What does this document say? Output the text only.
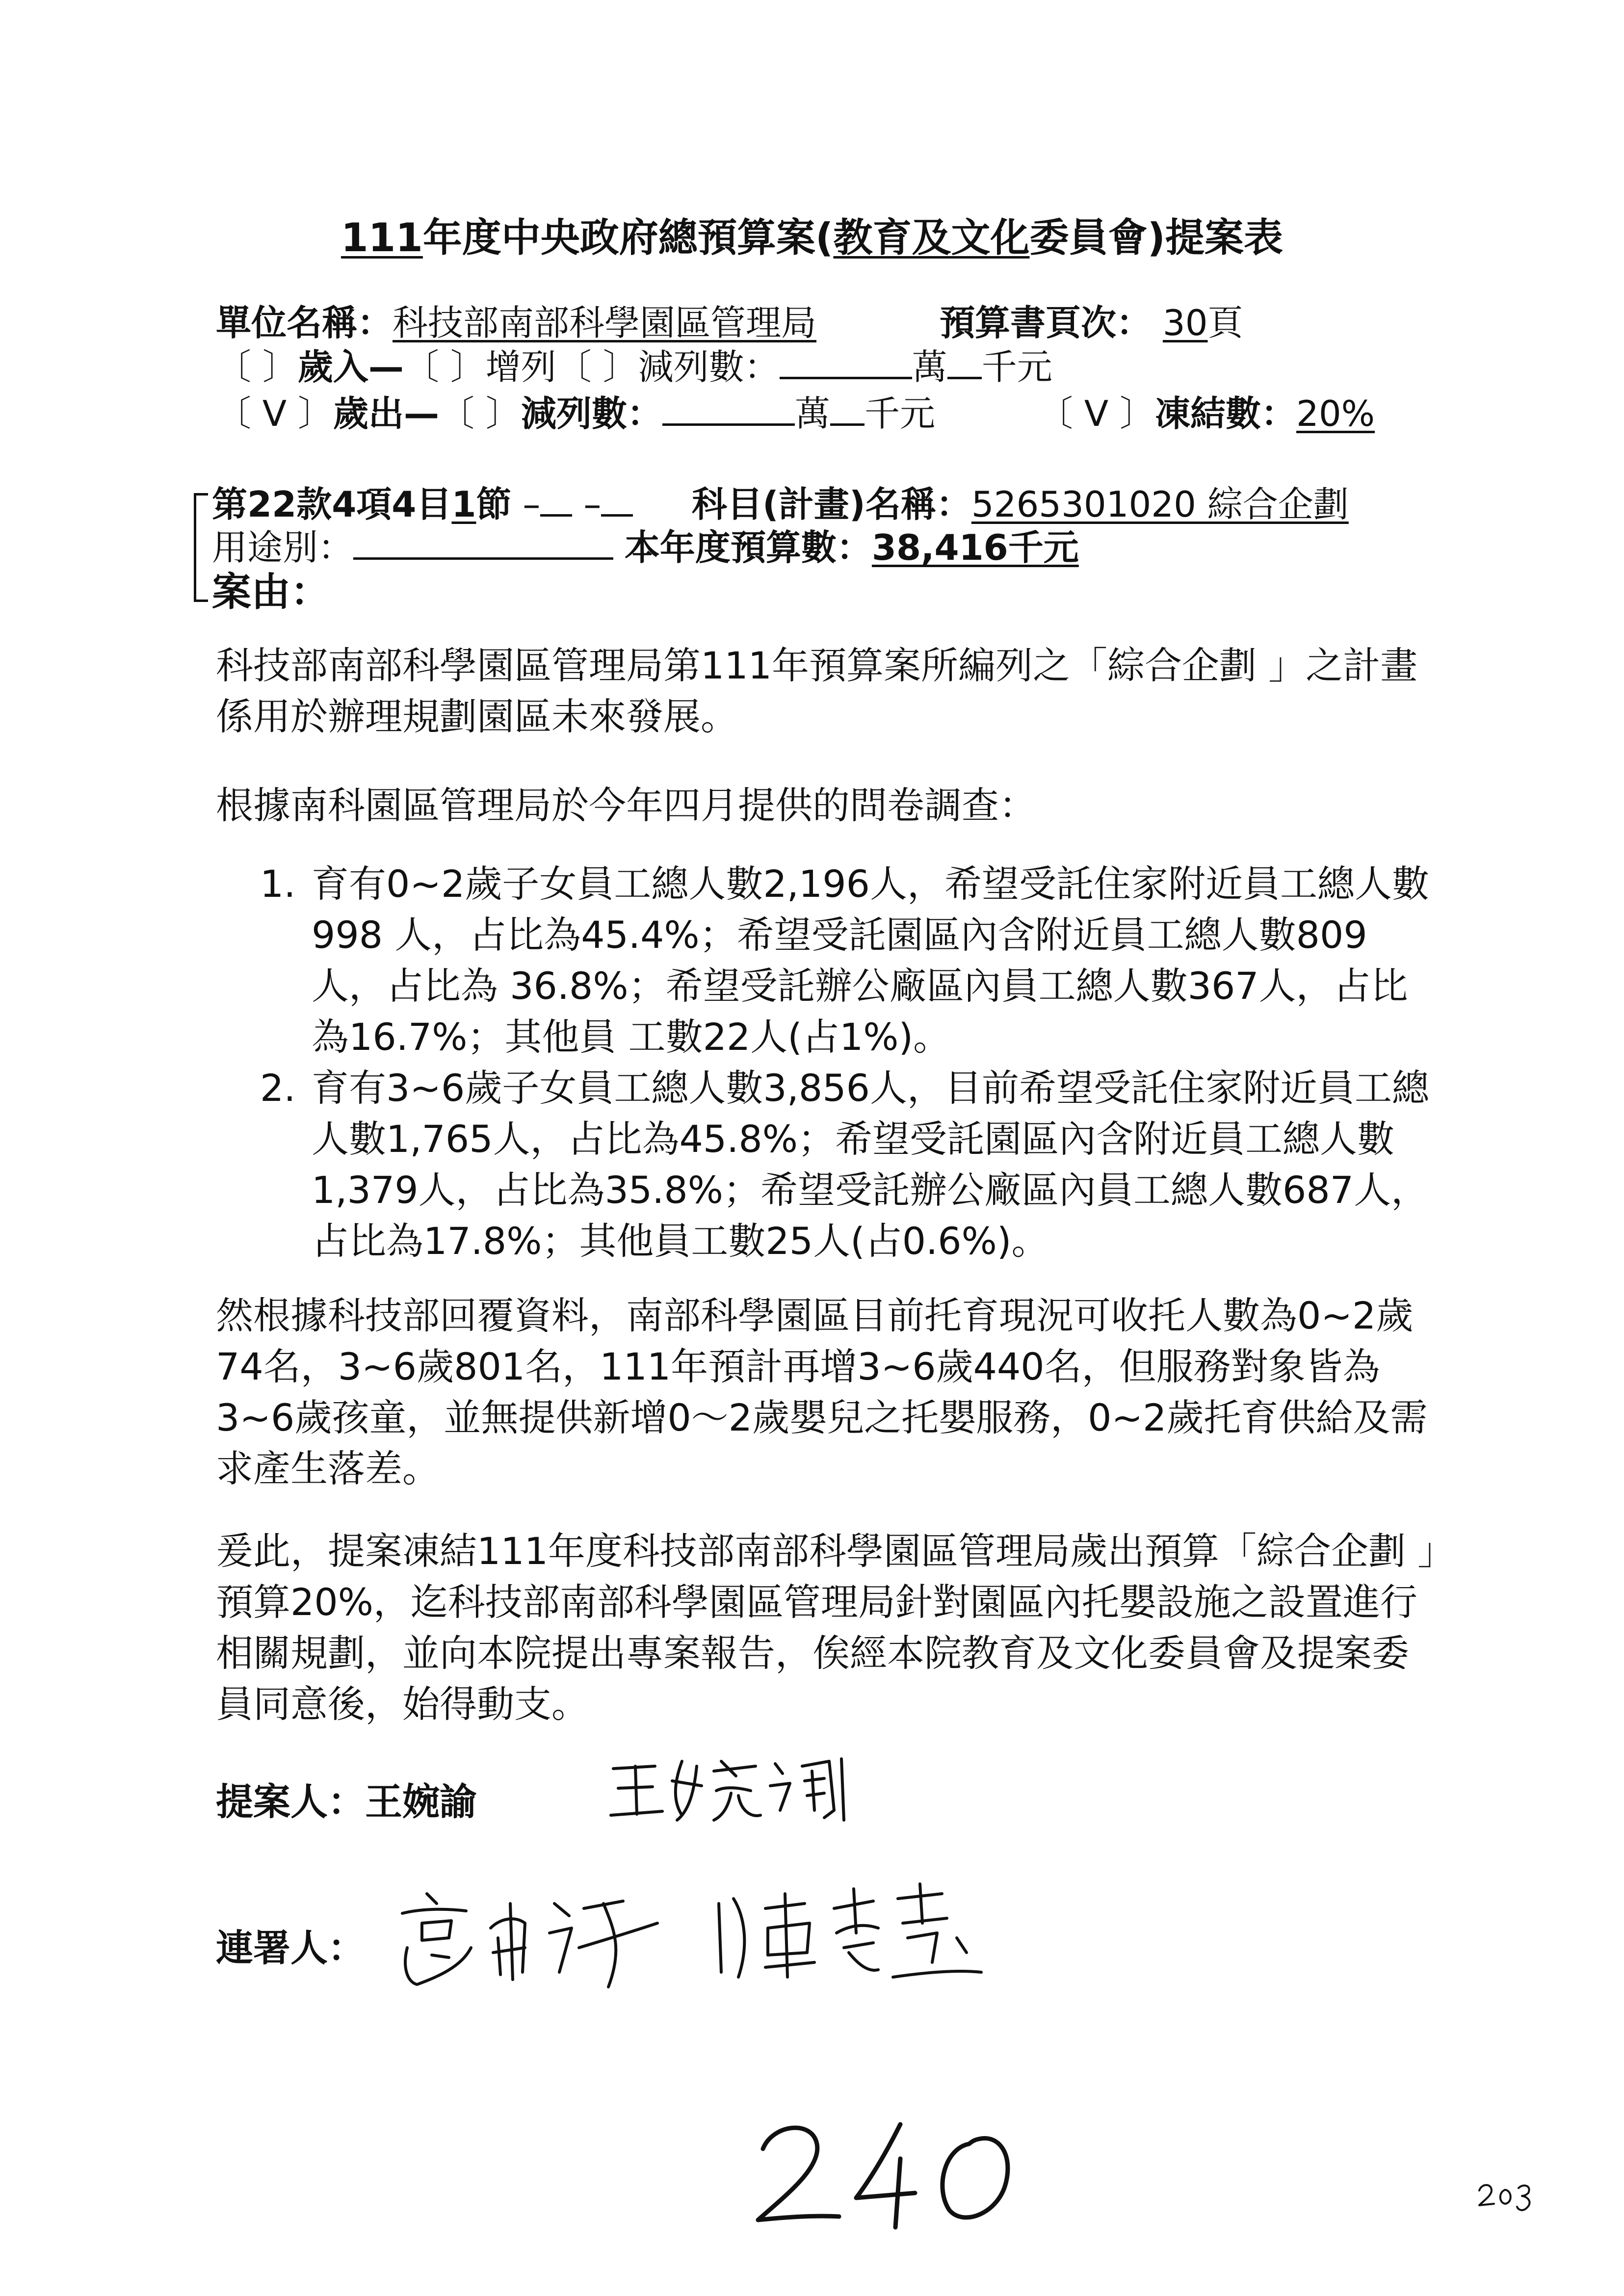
111年度中央政府總預算案(教育及文化委員會)提案表
單位名稱：科技部南部科學園區管理局	預算書頁次： 30頁
〔 〕歲入—〔 〕增列〔 〕減列數：	萬 千元
〔 V 〕歲出—〔 〕減列數：	萬 千元	〔 V 〕凍結數：20%
第22款4項4目1節 – –	科目(計畫)名稱：5265301020 綜合企劃
用途別：	本年度預算數：38,416千元
案由：
科技部南部科學園區管理局第111年預算案所編列之「綜合企劃 」之計畫係用於辦理規劃園區未來發展。
根據南科園區管理局於今年四月提供的問卷調查：
1. 育有0~2歲子女員工總人數2,196人，希望受託住家附近員工總人數998 人，占比為45.4%；希望受託園區內含附近員工總人數809人，占比為 36.8%；希望受託辦公廠區內員工總人數367人，占比為16.7%；其他員 工數22人(占1%)。
2. 育有3~6歲子女員工總人數3,856人，目前希望受託住家附近員工總人數1,765人，占比為45.8%；希望受託園區內含附近員工總人數1,379人，占比為35.8%；希望受託辦公廠區內員工總人數687人，占比為17.8%；其他員工數25人(占0.6%)。
然根據科技部回覆資料，南部科學園區目前托育現況可收托人數為0~2歲74名，3~6歲801名，111年預計再增3~6歲440名，但服務對象皆為3~6歲孩童，並無提供新增0～2歲嬰兒之托嬰服務，0~2歲托育供給及需求產生落差。
爰此，提案凍結111年度科技部南部科學園區管理局歲出預算「綜合企劃 」預算20%，迄科技部南部科學園區管理局針對園區內托嬰設施之設置進行相關規劃，並向本院提出專案報告，俟經本院教育及文化委員會及提案委員同意後，始得動支。
提案人：王婉諭
連署人：
